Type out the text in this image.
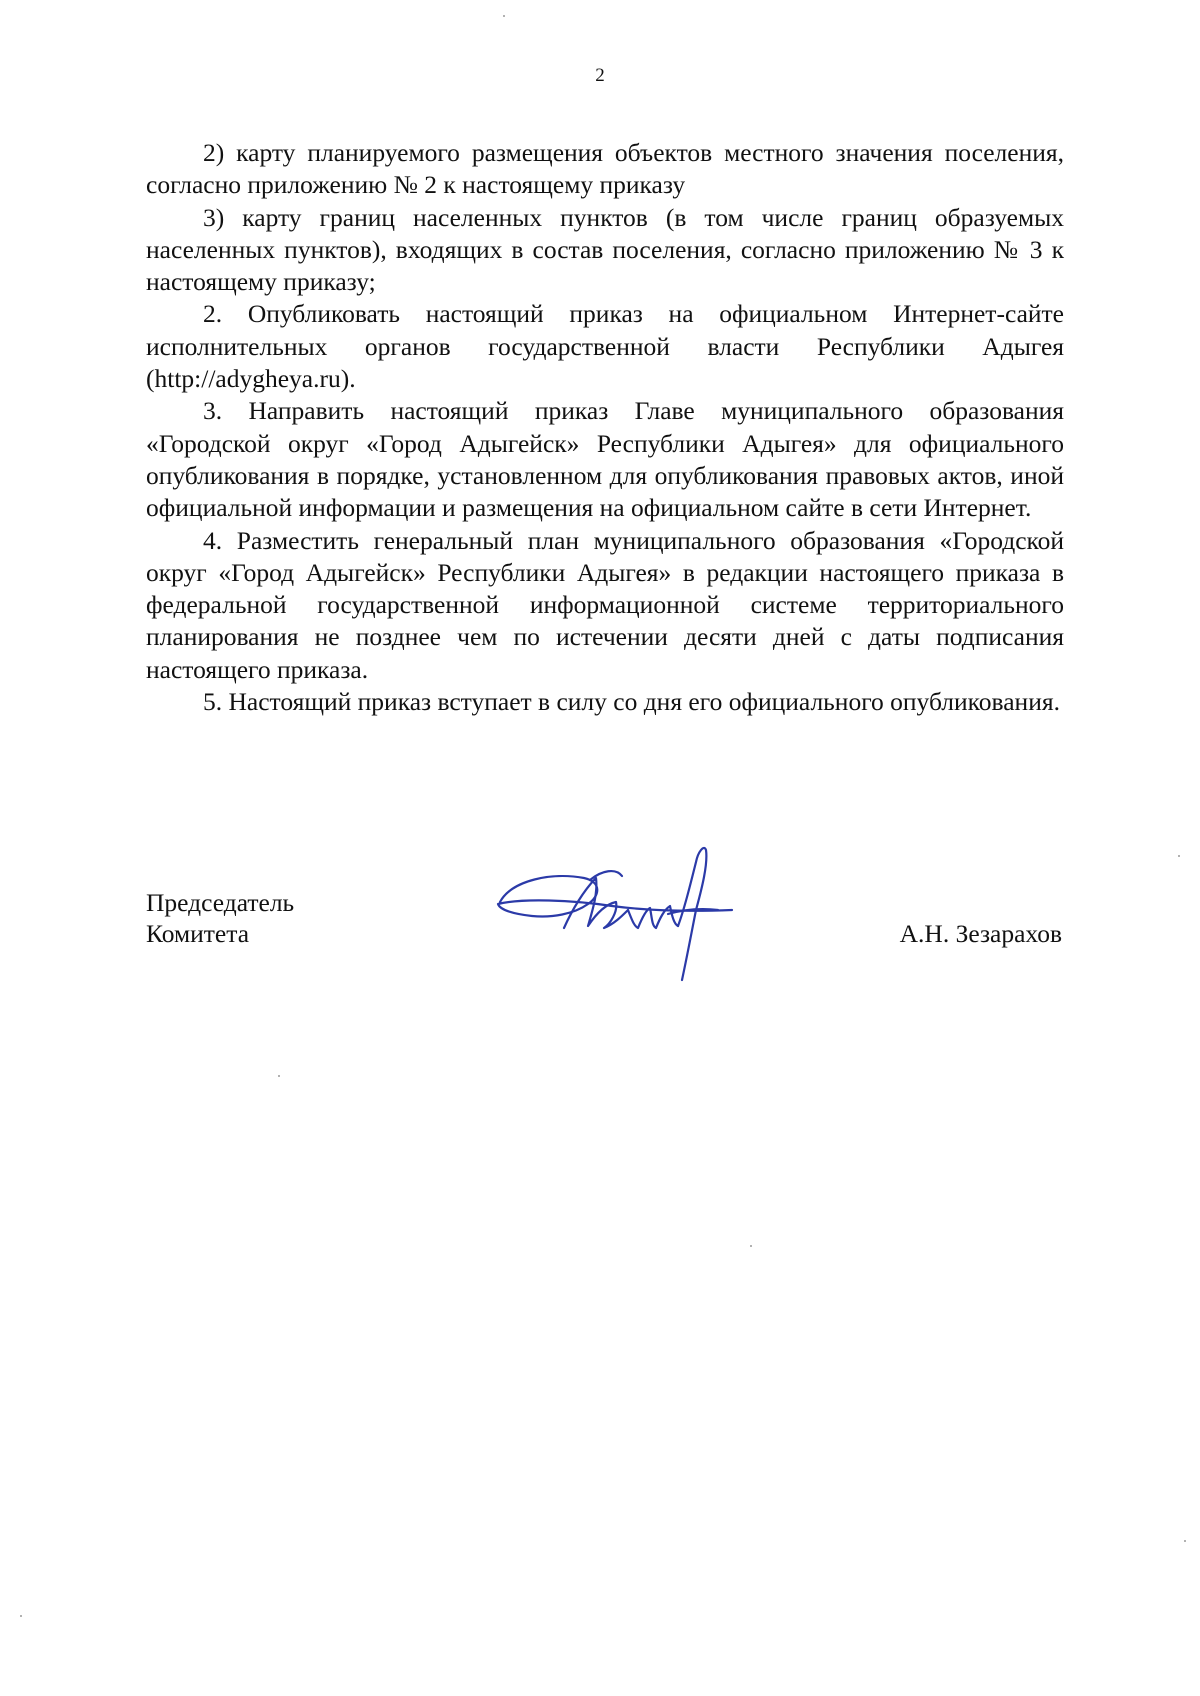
2

2) карту планируемого размещения объектов местного значения поселения, согласно приложению № 2 к настоящему приказу

3) карту границ населенных пунктов (в том числе границ образуемых населенных пунктов), входящих в состав поселения, согласно приложению № 3 к настоящему приказу;

2. Опубликовать настоящий приказ на официальном Интернет-сайте исполнительных органов государственной власти Республики Адыгея (http://adygheya.ru).

3. Направить настоящий приказ Главе муниципального образования «Городской округ «Город Адыгейск» Республики Адыгея» для официального опубликования в порядке, установленном для опубликования правовых актов, иной официальной информации и размещения на официальном сайте в сети Интернет.

4. Разместить генеральный план муниципального образования «Городской округ «Город Адыгейск» Республики Адыгея» в редакции настоящего приказа в федеральной государственной информационной системе территориального планирования не позднее чем по истечении десяти дней с даты подписания настоящего приказа.

5. Настоящий приказ вступает в силу со дня его официального опубликования.

Председатель
Комитета	А.Н. Зезарахов
